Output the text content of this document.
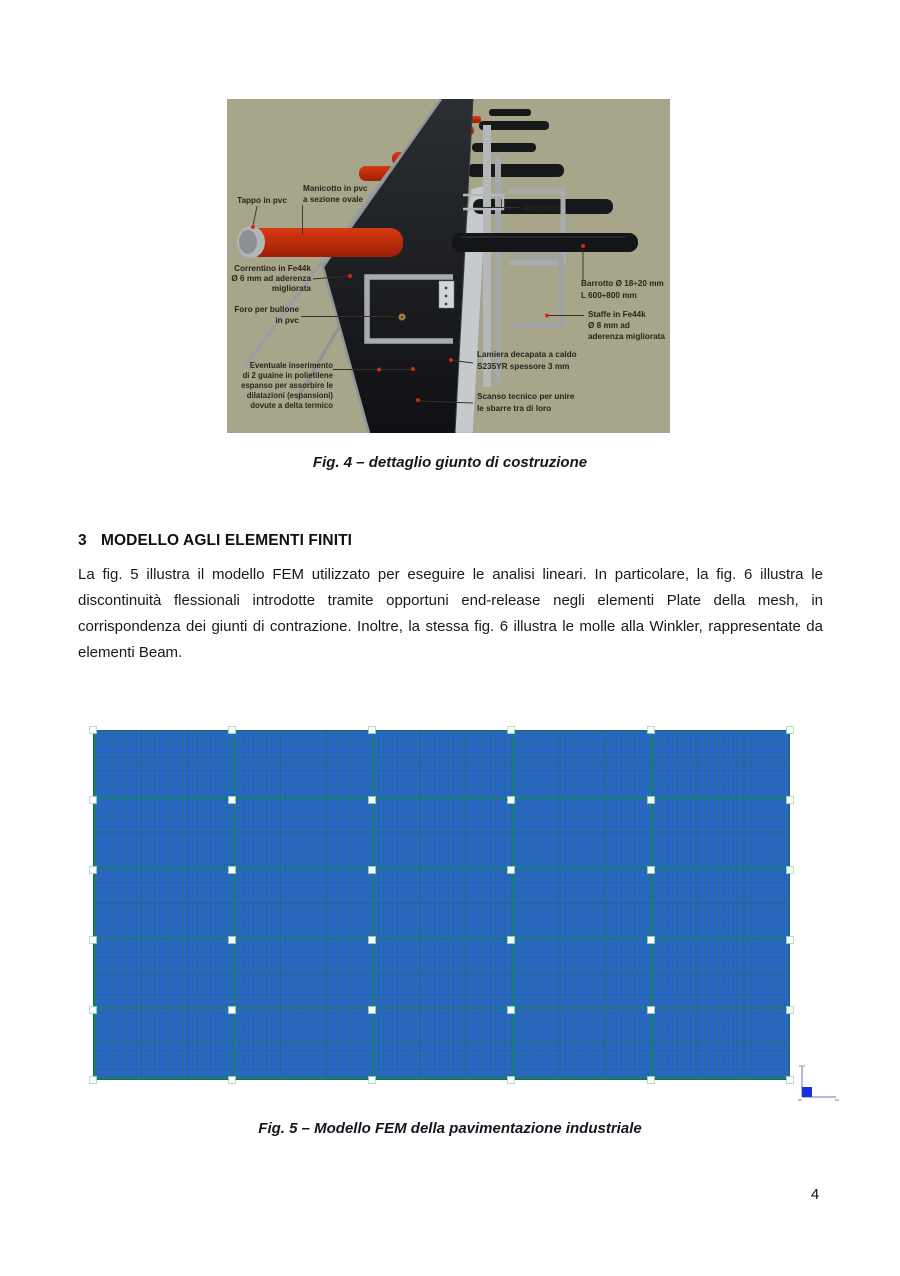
Tappo in pvc
Manicotto in pvc
a sezione ovale
Raccordo
Correntino in Fe44k
Ø 6 mm ad aderenza
migliorata
Foro per bullone
in pvc
Eventuale inserimento
di 2 guaine in polietilene
espanso per assorbire le
dilatazioni (espansioni)
dovute a delta termico
Barrotto Ø 18÷20 mm
L 600÷800 mm
Staffe in Fe44k
Ø 8 mm ad
aderenza migliorata
Lamiera decapata a caldo
S235YR spessore 3 mm
Scanso tecnico per unire
le sbarre tra di loro
Fig. 4 – dettaglio giunto di costruzione
3 MODELLO AGLI ELEMENTI FINITI
La fig. 5 illustra il modello FEM utilizzato per eseguire le analisi lineari. In particolare, la fig. 6 illustra le discontinuità flessionali introdotte tramite opportuni end-release negli elementi Plate della mesh, in corrispondenza dei giunti di contrazione. Inoltre, la stessa fig. 6 illustra le molle alla Winkler, rappresentate da elementi Beam.
Fig. 5 – Modello FEM della pavimentazione industriale
4
